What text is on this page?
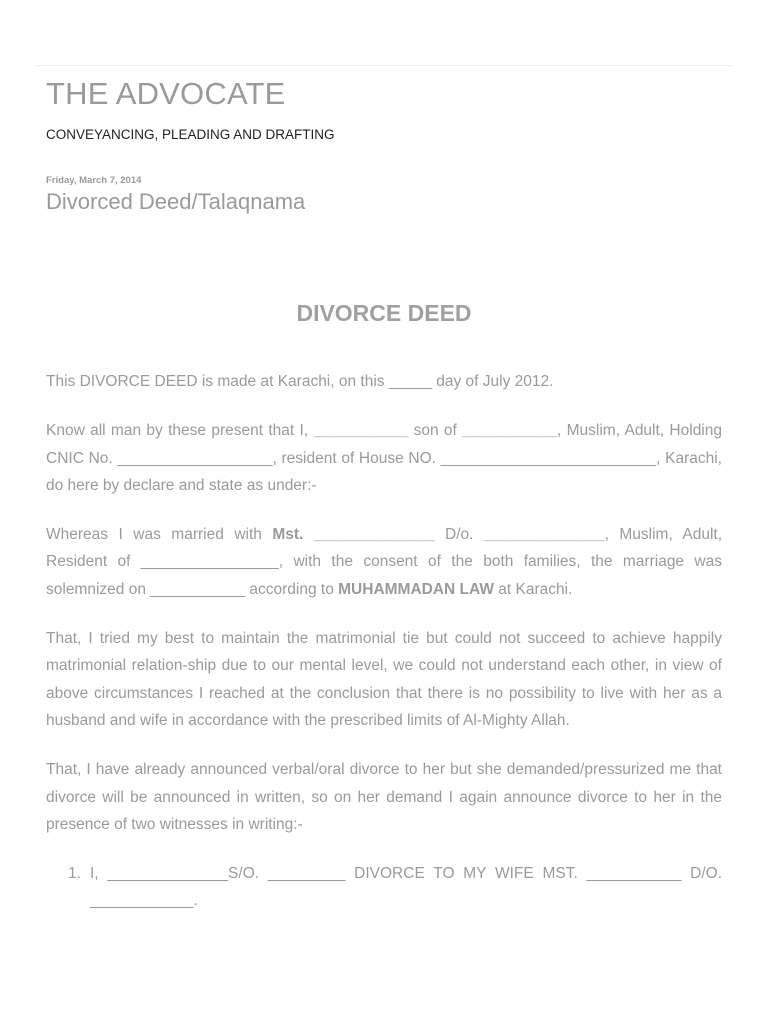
THE ADVOCATE
CONVEYANCING, PLEADING AND DRAFTING
Friday, March 7, 2014
Divorced Deed/Talaqnama
DIVORCE DEED

This DIVORCE DEED is made at Karachi, on this _____ day of July 2012.

Know all man by these present that I, ___________ son of ___________, Muslim, Adult, Holding CNIC No. __________________, resident of House NO. _________________________, Karachi, do here by declare and state as under:-

Whereas I was married with Mst. ______________ D/o. ______________, Muslim, Adult, Resident of ________________, with the consent of the both families, the marriage was solemnized on ___________ according to MUHAMMADAN LAW at Karachi.

That, I tried my best to maintain the matrimonial tie but could not succeed to achieve happily matrimonial relation-ship due to our mental level, we could not understand each other, in view of above circumstances I reached at the conclusion that there is no possibility to live with her as a husband and wife in accordance with the prescribed limits of Al-Mighty Allah.

That, I have already announced verbal/oral divorce to her but she demanded/pressurized me that divorce will be announced in written, so on her demand I again announce divorce to her in the presence of two witnesses in writing:-

1. I, ______________S/O. _________ DIVORCE TO MY WIFE MST. ___________ D/O. ____________.
